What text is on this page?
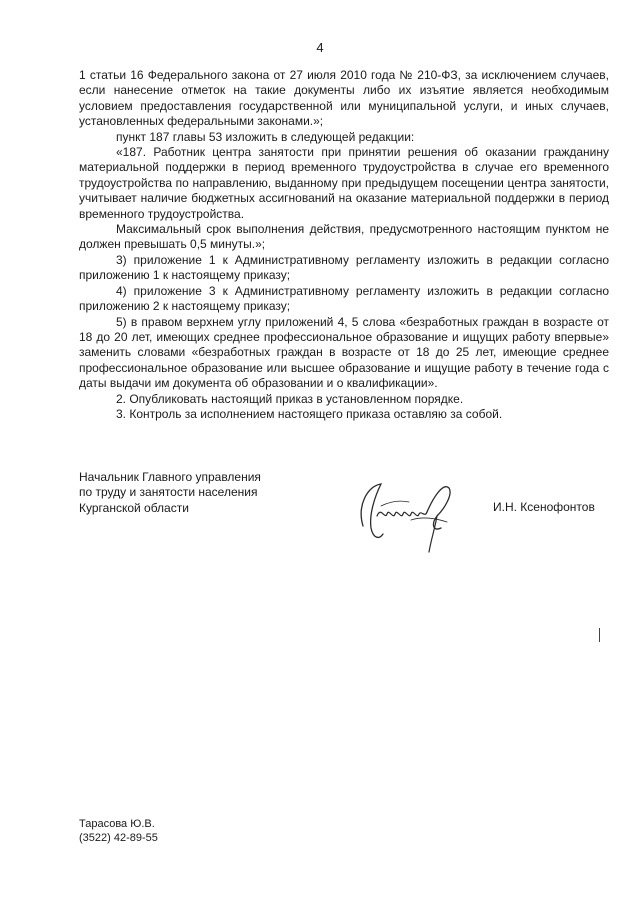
4

1 статьи 16 Федерального закона от 27 июля 2010 года № 210-ФЗ, за исключением случаев, если нанесение отметок на такие документы либо их изъятие является необходимым условием предоставления государственной или муниципальной услуги, и иных случаев, установленных федеральными законами.»;

пункт 187 главы 53 изложить в следующей редакции:

«187. Работник центра занятости при принятии решения об оказании гражданину материальной поддержки в период временного трудоустройства в случае его временного трудоустройства по направлению, выданному при предыдущем посещении центра занятости, учитывает наличие бюджетных ассигнований на оказание материальной поддержки в период временного трудоустройства.

Максимальный срок выполнения действия, предусмотренного настоящим пунктом не должен превышать 0,5 минуты.»;

3) приложение 1 к Административному регламенту изложить в редакции согласно приложению 1 к настоящему приказу;

4) приложение 3 к Административному регламенту изложить в редакции согласно приложению 2 к настоящему приказу;

5) в правом верхнем углу приложений 4, 5 слова «безработных граждан в возрасте от 18 до 20 лет, имеющих среднее профессиональное образование и ищущих работу впервые» заменить словами «безработных граждан в возрасте от 18 до 25 лет, имеющие среднее профессиональное образование или высшее образование и ищущие работу в течение года с даты выдачи им документа об образовании и о квалификации».

2. Опубликовать настоящий приказ в установленном порядке.

3. Контроль за исполнением настоящего приказа оставляю за собой.

Начальник Главного управления
по труду и занятости населения
Курганской области	И.Н. Ксенофонтов
Тарасова Ю.В.
(3522) 42-89-55
